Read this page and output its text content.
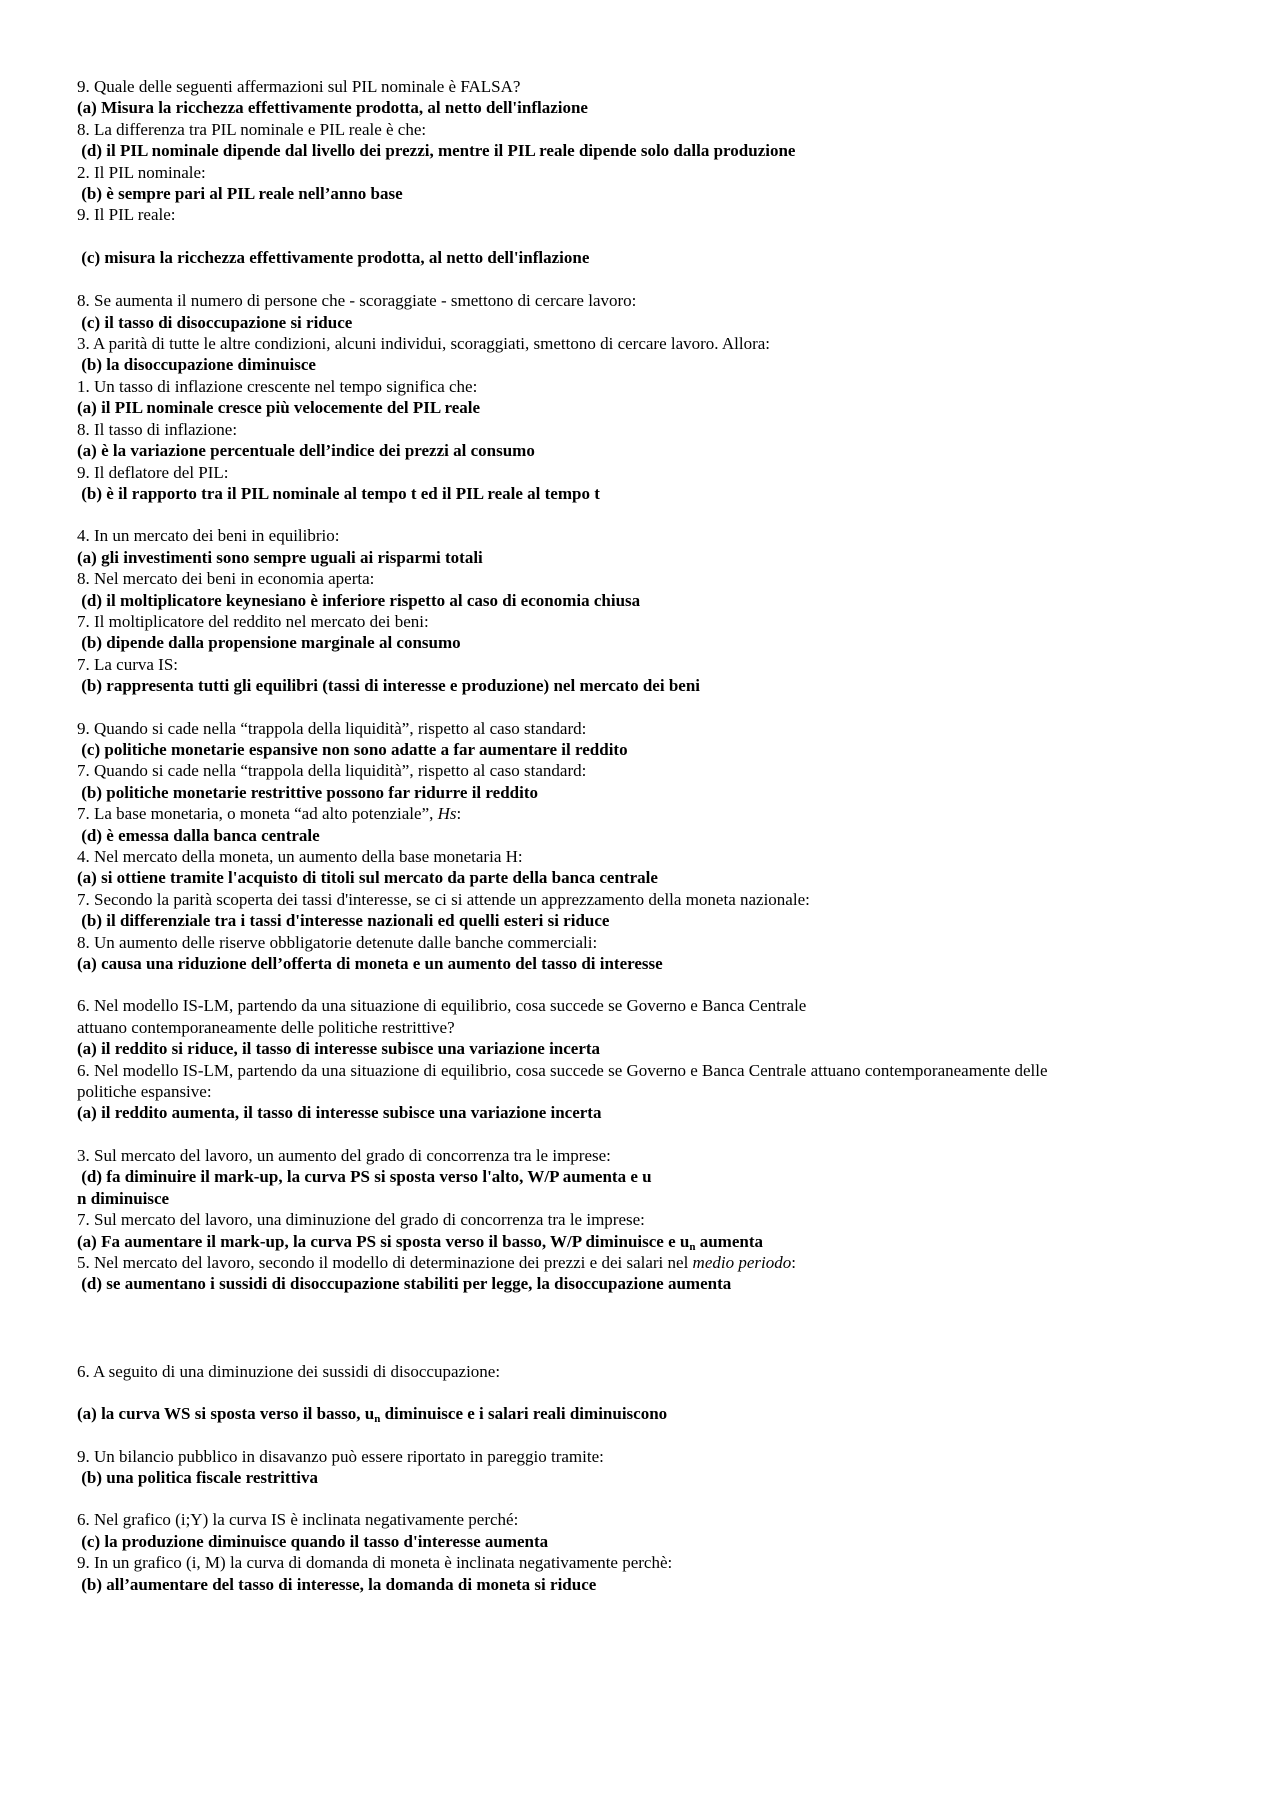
9. Quale delle seguenti affermazioni sul PIL nominale è FALSA?
(a) Misura la ricchezza effettivamente prodotta, al netto dell'inflazione
8. La differenza tra PIL nominale e PIL reale è che:
(d) il PIL nominale dipende dal livello dei prezzi, mentre il PIL reale dipende solo dalla produzione
2. Il PIL nominale:
(b) è sempre pari al PIL reale nell’anno base
9. Il PIL reale:
(c) misura la ricchezza effettivamente prodotta, al netto dell'inflazione
8. Se aumenta il numero di persone che - scoraggiate - smettono di cercare lavoro:
(c) il tasso di disoccupazione si riduce
3. A parità di tutte le altre condizioni, alcuni individui, scoraggiati, smettono di cercare lavoro. Allora:
(b) la disoccupazione diminuisce
1. Un tasso di inflazione crescente nel tempo significa che:
(a) il PIL nominale cresce più velocemente del PIL reale
8. Il tasso di inflazione:
(a) è la variazione percentuale dell’indice dei prezzi al consumo
9. Il deflatore del PIL:
(b) è il rapporto tra il PIL nominale al tempo t ed il PIL reale al tempo t
4. In un mercato dei beni in equilibrio:
(a) gli investimenti sono sempre uguali ai risparmi totali
8. Nel mercato dei beni in economia aperta:
(d) il moltiplicatore keynesiano è inferiore rispetto al caso di economia chiusa
7. Il moltiplicatore del reddito nel mercato dei beni:
(b) dipende dalla propensione marginale al consumo
7. La curva IS:
(b) rappresenta tutti gli equilibri (tassi di interesse e produzione) nel mercato dei beni
9. Quando si cade nella “trappola della liquidità”, rispetto al caso standard:
(c) politiche monetarie espansive non sono adatte a far aumentare il reddito
7. Quando si cade nella “trappola della liquidità”, rispetto al caso standard:
(b) politiche monetarie restrittive possono far ridurre il reddito
7. La base monetaria, o moneta “ad alto potenziale”, Hs:
(d) è emessa dalla banca centrale
4. Nel mercato della moneta, un aumento della base monetaria H:
(a) si ottiene tramite l'acquisto di titoli sul mercato da parte della banca centrale
7. Secondo la parità scoperta dei tassi d'interesse, se ci si attende un apprezzamento della moneta nazionale:
(b) il differenziale tra i tassi d'interesse nazionali ed quelli esteri si riduce
8. Un aumento delle riserve obbligatorie detenute dalle banche commerciali:
(a) causa una riduzione dell’offerta di moneta e un aumento del tasso di interesse
6. Nel modello IS-LM, partendo da una situazione di equilibrio, cosa succede se Governo e Banca Centrale
attuano contemporaneamente delle politiche restrittive?
(a) il reddito si riduce, il tasso di interesse subisce una variazione incerta
6. Nel modello IS-LM, partendo da una situazione di equilibrio, cosa succede se Governo e Banca Centrale attuano contemporaneamente delle
politiche espansive:
(a) il reddito aumenta, il tasso di interesse subisce una variazione incerta
3. Sul mercato del lavoro, un aumento del grado di concorrenza tra le imprese:
(d) fa diminuire il mark-up, la curva PS si sposta verso l'alto, W/P aumenta e u
n diminuisce
7. Sul mercato del lavoro, una diminuzione del grado di concorrenza tra le imprese:
(a) Fa aumentare il mark-up, la curva PS si sposta verso il basso, W/P diminuisce e $u_n$ aumenta
5. Nel mercato del lavoro, secondo il modello di determinazione dei prezzi e dei salari nel medio periodo:
(d) se aumentano i sussidi di disoccupazione stabiliti per legge, la disoccupazione aumenta
6. A seguito di una diminuzione dei sussidi di disoccupazione:
(a) la curva WS si sposta verso il basso, $u_n$ diminuisce e i salari reali diminuiscono
9. Un bilancio pubblico in disavanzo può essere riportato in pareggio tramite:
(b) una politica fiscale restrittiva
6. Nel grafico (i;Y) la curva IS è inclinata negativamente perché:
(c) la produzione diminuisce quando il tasso d'interesse aumenta
9. In un grafico (i, M) la curva di domanda di moneta è inclinata negativamente perchè:
(b) all’aumentare del tasso di interesse, la domanda di moneta si riduce
